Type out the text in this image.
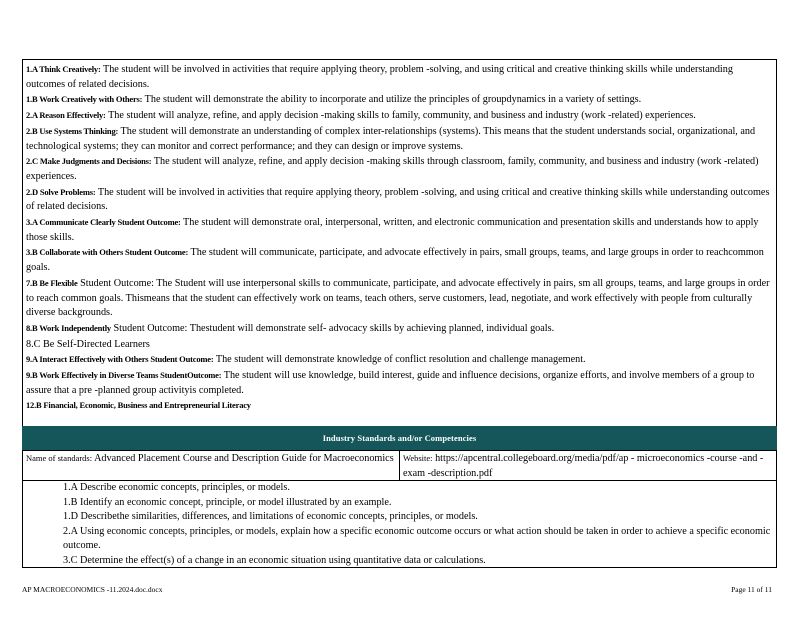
1.A Think Creatively: The student will be involved in activities that require applying theory, problem -solving, and using critical and creative thinking skills while understanding outcomes of related decisions.
1.B Work Creatively with Others: The student will demonstrate the ability to incorporate and utilize the principles of groupdynamics in a variety of settings.
2.A Reason Effectively: The student will analyze, refine, and apply decision -making skills to family, community, and business and industry (work -related) experiences.
2.B Use Systems Thinking: The student will demonstrate an understanding of complex inter-relationships (systems). This means that the student understands social, organizational, and technological systems; they can monitor and correct performance; and they can design or improve systems.
2.C Make Judgments and Decisions: The student will analyze, refine, and apply decision -making skills through classroom, family, community, and business and industry (work -related) experiences.
2.D Solve Problems: The student will be involved in activities that require applying theory, problem -solving, and using critical and creative thinking skills while understanding outcomes of related decisions.
3.A Communicate Clearly Student Outcome: The student will demonstrate oral, interpersonal, written, and electronic communication and presentation skills and understands how to apply those skills.
3.B Collaborate with Others Student Outcome: The student will communicate, participate, and advocate effectively in pairs, small groups, teams, and large groups in order to reachcommon goals.
7.B Be Flexible Student Outcome: The Student will use interpersonal skills to communicate, participate, and advocate effectively in pairs, sm all groups, teams, and large groups in order to reach common goals. Thismeans that the student can effectively work on teams, teach others, serve customers, lead, negotiate, and work effectively with people from culturally diverse backgrounds.
8.B Work Independently Student Outcome: Thestudent will demonstrate self- advocacy skills by achieving planned, individual goals.
8.C Be Self-Directed Learners
9.A Interact Effectively with Others Student Outcome: The student will demonstrate knowledge of conflict resolution and challenge management.
9.B Work Effectively in Diverse Teams StudentOutcome: The student will use knowledge, build interest, guide and influence decisions, organize efforts, and involve members of a group to assure that a pre -planned group activityis completed.
12.B Financial, Economic, Business and Entrepreneurial Literacy
Industry Standards and/or Competencies
Name of standards: Advanced Placement Course and Description Guide for Macroeconomics	Website: https://apcentral.collegeboard.org/media/pdf/ap - microeconomics -course -and -exam -description.pdf
1.A Describe economic concepts, principles, or models.
1.B Identify an economic concept, principle, or model illustrated by an example.
1.D Describethe similarities, differences, and limitations of economic concepts, principles, or models.
2.A Using economic concepts, principles, or models, explain how a specific economic outcome occurs or what action should be taken in order to achieve a specific economic outcome.
3.C Determine the effect(s) of a change in an economic situation using quantitative data or calculations.
AP MACROECONOMICS -11.2024.doc.docx	Page 11 of 11
